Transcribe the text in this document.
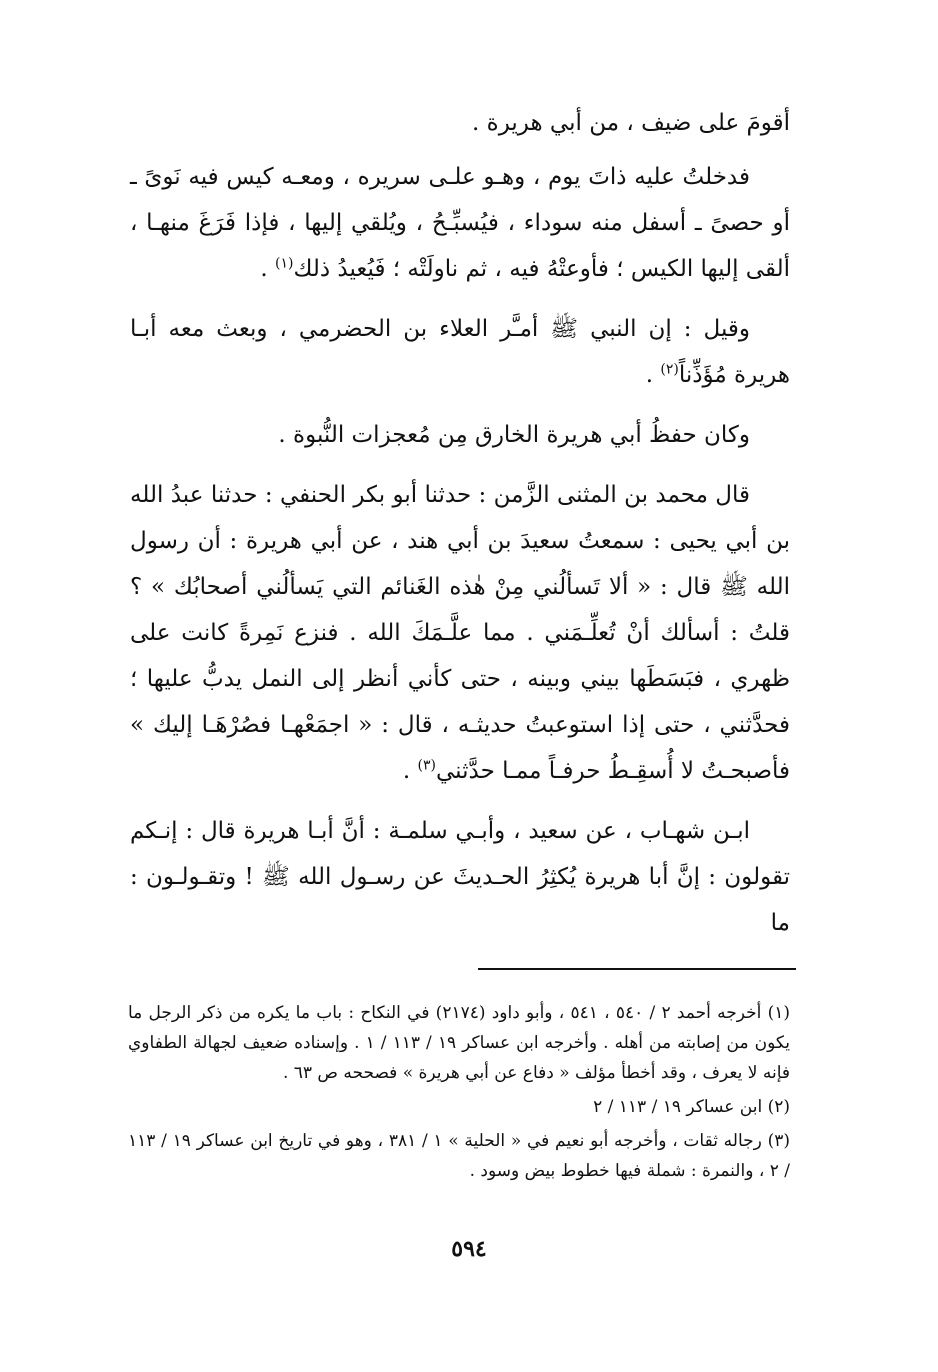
أقومَ على ضيف ، من أبي هريرة .

فدخلتُ عليه ذاتَ يوم ، وهـو علـى سريره ، ومعـه كيس فيه نَوىً ـ أو حصىً ـ أسفل منه سوداء ، فيُسبِّـحُ ، ويُلقي إليها ، فإذا فَرَغَ منهـا ، ألقى إليها الكيس ؛ فأوعتْهُ فيه ، ثم ناولَتْه ؛ فَيُعيدُ ذلك$^{(١)}$ .

وقيل : إن النبي ﷺ أمـَّر العلاء بن الحضرمي ، وبعث معه أبـا هريرة مُؤَذِّناً$^{(٢)}$ .

وكان حفظُ أبي هريرة الخارق مِن مُعجزات النُّبوة .

قال محمد بن المثنى الزَّمن : حدثنا أبو بكر الحنفي : حدثنا عبدُ الله بن أبي يحيى : سمعتُ سعيدَ بن أبي هند ، عن أبي هريرة : أن رسول الله ﷺ قال : « ألا تَسألُني مِنْ هٰذه الغَنائم التي يَسألُني أصحابُك » ؟ قلتُ : أسألك أنْ تُعلِّـمَني . مما علَّـمَكَ الله . فنزع نَمِرةً كانت على ظهري ، فبَسَطَها بيني وبينه ، حتى كأني أنظر إلى النمل يدبُّ عليها ؛ فحدَّثني ، حتى إذا استوعبتُ حديثـه ، قال : « اجمَعْهـا فصُرْهَـا إليك » فأصبحـتُ لا أُسقِـطُ حرفـاً ممـا حدَّثني$^{(٣)}$ .

ابـن شهـاب ، عن سعيد ، وأبـي سلمـة : أنَّ أبـا هريرة قال : إنـكم تقولون : إنَّ أبا هريرة يُكثِرُ الحـديثَ عن رسـول الله ﷺ ! وتقـولـون : ما

(١) أخرجه أحمد ٢ / ٥٤٠ ، ٥٤١ ، وأبو داود (٢١٧٤) في النكاح : باب ما يكره من ذكر الرجل ما يكون من إصابته من أهله . وأخرجه ابن عساكر ١٩ / ١١٣ / ١ . وإسناده ضعيف لجهالة الطفاوي فإنه لا يعرف ، وقد أخطأ مؤلف « دفاع عن أبي هريرة » فصححه ص ٦٣ .

(٢) ابن عساكر ١٩ / ١١٣ / ٢

(٣) رجاله ثقات ، وأخرجه أبو نعيم في « الحلية » ١ / ٣٨١ ، وهو في تاريخ ابن عساكر ١٩ / ١١٣ / ٢ ، والنمرة : شملة فيها خطوط بيض وسود .

٥٩٤
